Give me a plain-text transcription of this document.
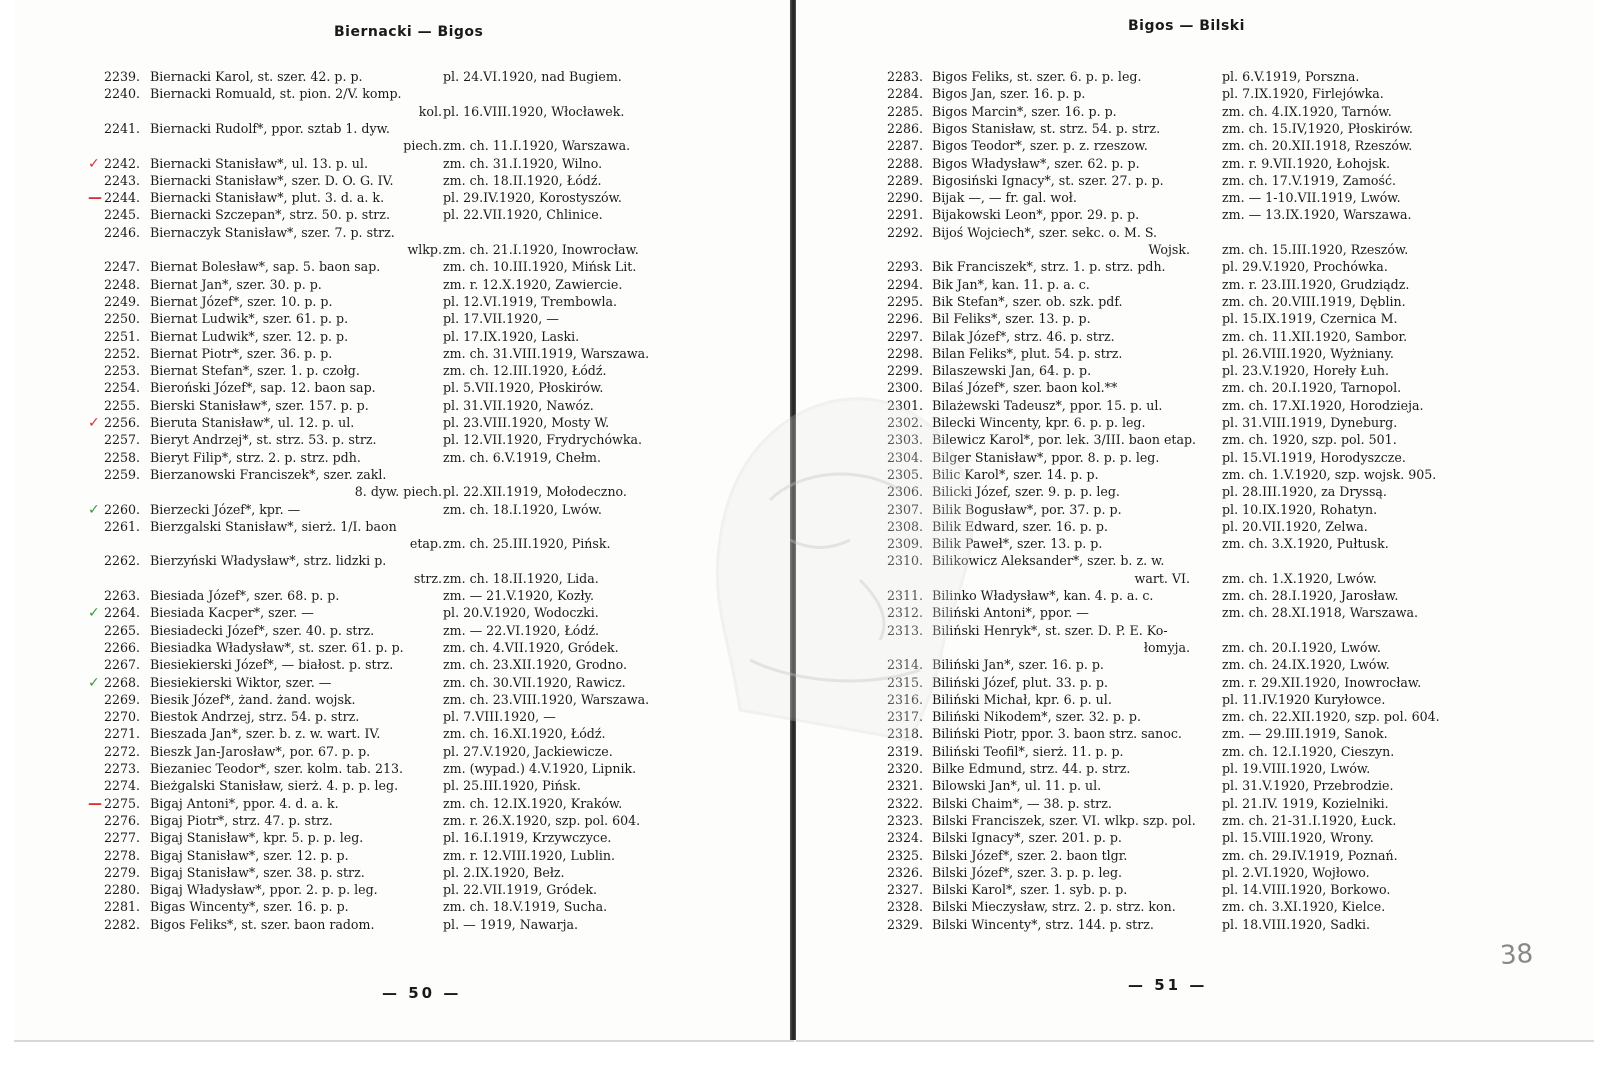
Biernacki — Bigos
2239. Biernacki Karol, st. szer. 42. p. p.	pl. 24.VI.1920, nad Bugiem.
2240. Biernacki Romuald, st. pion. 2/V. komp.
kol. pl. 16.VIII.1920, Włocławek.
2241. Biernacki Rudolf*, ppor. sztab 1. dyw.
piech. zm. ch. 11.I.1920, Warszawa.
✓ 2242. Biernacki Stanisław*, ul. 13. p. ul.	zm. ch. 31.I.1920, Wilno.
2243. Biernacki Stanisław*, szer. D. O. G. IV.	zm. ch. 18.II.1920, Łódź.
— 2244. Biernacki Stanisław*, plut. 3. d. a. k.	pl. 29.IV.1920, Korostyszów.
2245. Biernacki Szczepan*, strz. 50. p. strz.	pl. 22.VII.1920, Chlinice.
2246. Biernaczyk Stanisław*, szer. 7. p. strz.
wlkp. zm. ch. 21.I.1920, Inowrocław.
2247. Biernat Bolesław*, sap. 5. baon sap.	zm. ch. 10.III.1920, Mińsk Lit.
2248. Biernat Jan*, szer. 30. p. p.	zm. r. 12.X.1920, Zawiercie.
2249. Biernat Józef*, szer. 10. p. p.	pl. 12.VI.1919, Trembowla.
2250. Biernat Ludwik*, szer. 61. p. p.	pl. 17.VII.1920, —
2251. Biernat Ludwik*, szer. 12. p. p.	pl. 17.IX.1920, Laski.
2252. Biernat Piotr*, szer. 36. p. p.	zm. ch. 31.VIII.1919, Warszawa.
2253. Biernat Stefan*, szer. 1. p. czołg.	zm. ch. 12.III.1920, Łódź.
2254. Bieroński Józef*, sap. 12. baon sap.	pl. 5.VII.1920, Płoskirów.
2255. Bierski Stanisław*, szer. 157. p. p.	pl. 31.VII.1920, Nawóz.
✓ 2256. Bieruta Stanisław*, ul. 12. p. ul.	pl. 23.VIII.1920, Mosty W.
2257. Bieryt Andrzej*, st. strz. 53. p. strz.	pl. 12.VII.1920, Frydrychówka.
2258. Bieryt Filip*, strz. 2. p. strz. pdh.	zm. ch. 6.V.1919, Chełm.
2259. Bierzanowski Franciszek*, szer. zakl.
8. dyw. piech. pl. 22.XII.1919, Mołodeczno.
✓ 2260. Bierzecki Józef*, kpr. —	zm. ch. 18.I.1920, Lwów.
2261. Bierzgalski Stanisław*, sierż. 1/I. baon
etap. zm. ch. 25.III.1920, Pińsk.
2262. Bierzyński Władysław*, strz. lidzki p.
strz. zm. ch. 18.II.1920, Lida.
2263. Biesiada Józef*, szer. 68. p. p.	zm. — 21.V.1920, Kozły.
✓ 2264. Biesiada Kacper*, szer. —	pl. 20.V.1920, Wodoczki.
2265. Biesiadecki Józef*, szer. 40. p. strz.	zm. — 22.VI.1920, Łódź.
2266. Biesiadka Władysław*, st. szer. 61. p. p.	zm. ch. 4.VII.1920, Gródek.
2267. Biesiekierski Józef*, — białost. p. strz.	zm. ch. 23.XII.1920, Grodno.
✓ 2268. Biesiekierski Wiktor, szer. —	zm. ch. 30.VII.1920, Rawicz.
2269. Biesik Józef*, żand. żand. wojsk.	zm. ch. 23.VIII.1920, Warszawa.
2270. Biestok Andrzej, strz. 54. p. strz.	pl. 7.VIII.1920, —
2271. Bieszada Jan*, szer. b. z. w. wart. IV.	zm. ch. 16.XI.1920, Łódź.
2272. Bieszk Jan-Jarosław*, por. 67. p. p.	pl. 27.V.1920, Jackiewicze.
2273. Biezaniec Teodor*, szer. kolm. tab. 213.	zm. (wypad.) 4.V.1920, Lipnik.
2274. Bieżgalski Stanisław, sierż. 4. p. p. leg.	pl. 25.III.1920, Pińsk.
— 2275. Bigaj Antoni*, ppor. 4. d. a. k.	zm. ch. 12.IX.1920, Kraków.
2276. Bigaj Piotr*, strz. 47. p. strz.	zm. r. 26.X.1920, szp. pol. 604.
2277. Bigaj Stanisław*, kpr. 5. p. p. leg.	pl. 16.I.1919, Krzywczyce.
2278. Bigaj Stanisław*, szer. 12. p. p.	zm. r. 12.VIII.1920, Lublin.
2279. Bigaj Stanisław*, szer. 38. p. strz.	pl. 2.IX.1920, Bełz.
2280. Bigaj Władysław*, ppor. 2. p. p. leg.	pl. 22.VII.1919, Gródek.
2281. Bigas Wincenty*, szer. 16. p. p.	zm. ch. 18.V.1919, Sucha.
2282. Bigos Feliks*, st. szer. baon radom.	pl. — 1919, Nawarja.
— 50 —
Bigos — Bilski
2283. Bigos Feliks, st. szer. 6. p. p. leg.	pl. 6.V.1919, Porszna.
2284. Bigos Jan, szer. 16. p. p.	pl. 7.IX.1920, Firlejówka.
2285. Bigos Marcin*, szer. 16. p. p.	zm. ch. 4.IX.1920, Tarnów.
2286. Bigos Stanisław, st. strz. 54. p. strz.	zm. ch. 15.IV,1920, Płoskirów.
2287. Bigos Teodor*, szer. p. z. rzeszow.	zm. ch. 20.XII.1918, Rzeszów.
2288. Bigos Władysław*, szer. 62. p. p.	zm. r. 9.VII.1920, Łohojsk.
2289. Bigosiński Ignacy*, st. szer. 27. p. p.	zm. ch. 17.V.1919, Zamość.
2290. Bijak —, — fr. gal. woł.	zm. — 1-10.VII.1919, Lwów.
2291. Bijakowski Leon*, ppor. 29. p. p.	zm. — 13.IX.1920, Warszawa.
2292. Bijoś Wojciech*, szer. sekc. o. M. S.
Wojsk.	zm. ch. 15.III.1920, Rzeszów.
2293. Bik Franciszek*, strz. 1. p. strz. pdh.	pl. 29.V.1920, Prochówka.
2294. Bik Jan*, kan. 11. p. a. c.	zm. r. 23.III.1920, Grudziądz.
2295. Bik Stefan*, szer. ob. szk. pdf.	zm. ch. 20.VIII.1919, Dęblin.
2296. Bil Feliks*, szer. 13. p. p.	pl. 15.IX.1919, Czernica M.
2297. Bilak Józef*, strz. 46. p. strz.	zm. ch. 11.XII.1920, Sambor.
2298. Bilan Feliks*, plut. 54. p. strz.	pl. 26.VIII.1920, Wyżniany.
2299. Bilaszewski Jan, 64. p. p.	pl. 23.V.1920, Horeły Łuh.
2300. Bilaś Józef*, szer. baon kol.**	zm. ch. 20.I.1920, Tarnopol.
2301. Bilażewski Tadeusz*, ppor. 15. p. ul.	zm. ch. 17.XI.1920, Horodzieja.
2302. Bilecki Wincenty, kpr. 6. p. p. leg.	pl. 31.VIII.1919, Dyneburg.
2303. Bilewicz Karol*, por. lek. 3/III. baon etap. zm. ch. 1920, szp. pol. 501.
2304. Bilger Stanisław*, ppor. 8. p. p. leg.	pl. 15.VI.1919, Horodyszcze.
2305. Bilic Karol*, szer. 14. p. p.	zm. ch. 1.V.1920, szp. wojsk. 905.
2306. Bilicki Józef, szer. 9. p. p. leg.	pl. 28.III.1920, za Dryssą.
2307. Bilik Bogusław*, por. 37. p. p.	pl. 10.IX.1920, Rohatyn.
2308. Bilik Edward, szer. 16. p. p.	pl. 20.VII.1920, Zelwa.
2309. Bilik Paweł*, szer. 13. p. p.	zm. ch. 3.X.1920, Pułtusk.
2310. Bilikowicz Aleksander*, szer. b. z. w.
wart. VI.	zm. ch. 1.X.1920, Lwów.
2311. Bilinko Władysław*, kan. 4. p. a. c.	zm. ch. 28.I.1920, Jarosław.
2312. Biliński Antoni*, ppor. —	zm. ch. 28.XI.1918, Warszawa.
2313. Biliński Henryk*, st. szer. D. P. E. Ko-
łomyja.	zm. ch. 20.I.1920, Lwów.
2314. Biliński Jan*, szer. 16. p. p.	zm. ch. 24.IX.1920, Lwów.
2315. Biliński Józef, plut. 33. p. p.	zm. r. 29.XII.1920, Inowrocław.
2316. Biliński Michał, kpr. 6. p. ul.	pl. 11.IV.1920 Kuryłowce.
2317. Biliński Nikodem*, szer. 32. p. p.	zm. ch. 22.XII.1920, szp. pol. 604.
2318. Biliński Piotr, ppor. 3. baon strz. sanoc.	zm. — 29.III.1919, Sanok.
2319. Biliński Teofil*, sierż. 11. p. p.	zm. ch. 12.I.1920, Cieszyn.
2320. Bilke Edmund, strz. 44. p. strz.	pl. 19.VIII.1920, Lwów.
2321. Bilowski Jan*, ul. 11. p. ul.	pl. 31.V.1920, Przebrodzie.
2322. Bilski Chaim*, — 38. p. strz.	pl. 21.IV. 1919, Kozielniki.
2323. Bilski Franciszek, szer. VI. wlkp. szp. pol. zm. ch. 21-31.I.1920, Łuck.
2324. Bilski Ignacy*, szer. 201. p. p.	pl. 15.VIII.1920, Wrony.
2325. Bilski Józef*, szer. 2. baon tlgr.	zm. ch. 29.IV.1919, Poznań.
2326. Bilski Józef*, szer. 3. p. p. leg.	pl. 2.VI.1920, Wojłowo.
2327. Bilski Karol*, szer. 1. syb. p. p.	pl. 14.VIII.1920, Borkowo.
2328. Bilski Mieczysław, strz. 2. p. strz. kon.	zm. ch. 3.XI.1920, Kielce.
2329. Bilski Wincenty*, strz. 144. p. strz.	pl. 18.VIII.1920, Sadki.
— 51 —
38
